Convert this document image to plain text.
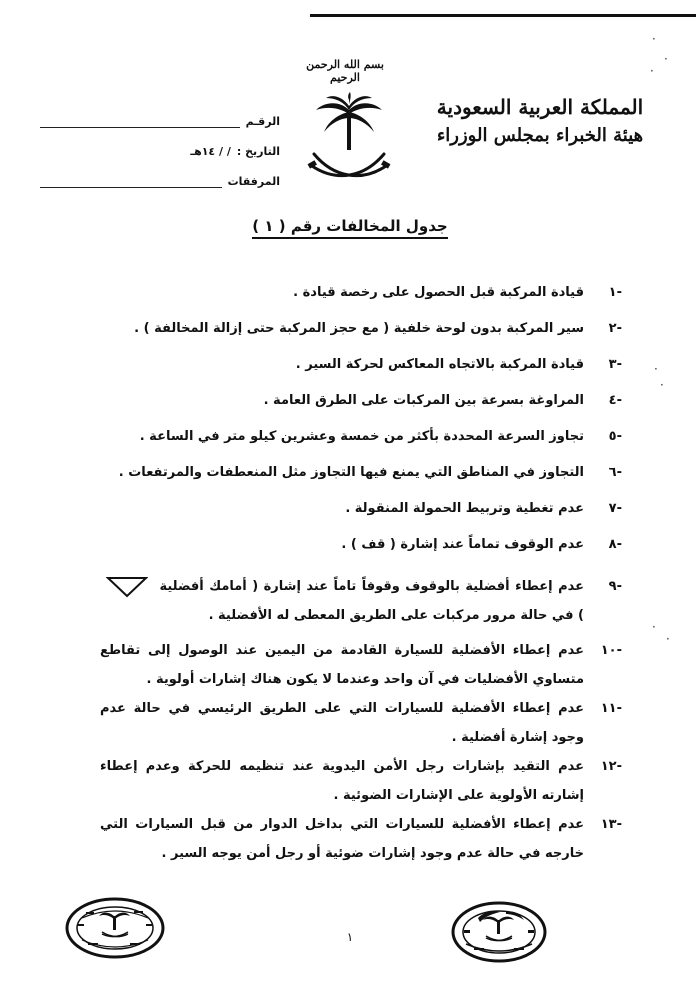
بسم الله الرحمن الرحيم
المملكة العربية السعودية
هيئة الخبراء بمجلس الوزراء
الرقـم
التاريخ :
/ / ١٤هـ
المرفقات
جدول المخالفات رقم ( ١ )
-١
قيادة المركبة قبل الحصول على رخصة قيادة .
-٢
سير المركبة بدون لوحة خلفية ( مع حجز المركبة حتى إزالة المخالفة ) .
-٣
قيادة المركبة بالاتجاه المعاكس لحركة السير .
-٤
المراوغة بسرعة بين المركبات على الطرق العامة .
-٥
تجاوز السرعة المحددة بأكثر من خمسة وعشرين كيلو متر في الساعة .
-٦
التجاوز في المناطق التي يمنع فيها التجاوز مثل المنعطفات والمرتفعات .
-٧
عدم تغطية وتربيط الحمولة المنقولة .
-٨
عدم الوقوف تماماً عند إشارة ( قف ) .
-٩
عدم إعطاء أفضلية بالوقوف وقوفاً تاماً عند إشارة ( أمامك أفضلية  ) في حالة مرور مركبات على الطريق المعطى له الأفضلية .
-١٠
عدم إعطاء الأفضلية للسيارة القادمة من اليمين عند الوصول إلى تقاطع متساوي الأفضليات في آن واحد وعندما لا يكون هناك إشارات أولوية .
-١١
عدم إعطاء الأفضلية للسيارات التي على الطريق الرئيسي في حالة عدم وجود إشارة أفضلية .
-١٢
عدم التقيد بإشارات رجل الأمن اليدوية عند تنظيمه للحركة وعدم إعطاء إشارته الأولوية على الإشارات الضوئية .
-١٣
عدم إعطاء الأفضلية للسيارات التي بداخل الدوار من قبل السيارات التي خارجه في حالة عدم وجود إشارات ضوئية أو رجل أمن يوجه السير .
١
·
·
·
·
·
·
·
